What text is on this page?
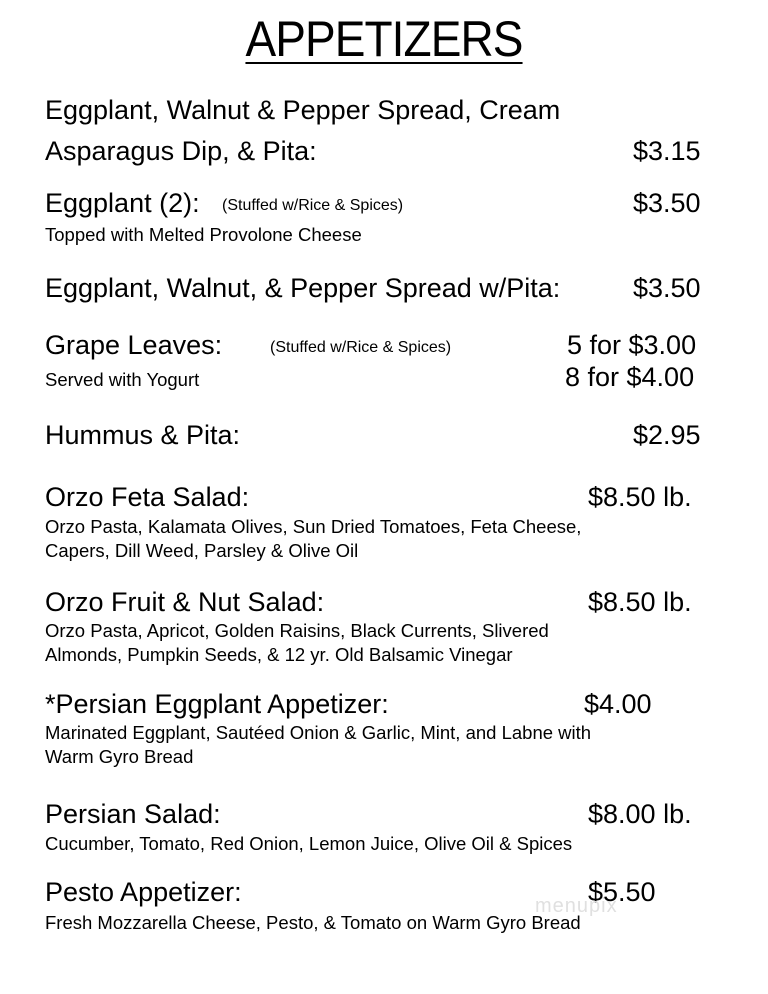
APPETIZERS
Eggplant, Walnut & Pepper Spread, Cream
Asparagus Dip, & Pita:	$3.15
Eggplant (2): (Stuffed w/Rice & Spices)	$3.50
Topped with Melted Provolone Cheese
Eggplant, Walnut, & Pepper Spread w/Pita:	$3.50
Grape Leaves:	(Stuffed w/Rice & Spices)	5 for $3.00
Served with Yogurt	8 for $4.00
Hummus & Pita:	$2.95
Orzo Feta Salad:	$8.50 lb.
Orzo Pasta, Kalamata Olives, Sun Dried Tomatoes, Feta Cheese,
Capers, Dill Weed, Parsley & Olive Oil
Orzo Fruit & Nut Salad:	$8.50 lb.
Orzo Pasta, Apricot, Golden Raisins, Black Currents, Slivered
Almonds, Pumpkin Seeds, & 12 yr. Old Balsamic Vinegar
*Persian Eggplant Appetizer:	$4.00
Marinated Eggplant, Sautéed Onion & Garlic, Mint, and Labne with
Warm Gyro Bread
Persian Salad:	$8.00 lb.
Cucumber, Tomato, Red Onion, Lemon Juice, Olive Oil & Spices
Pesto Appetizer:	$5.50
Fresh Mozzarella Cheese, Pesto, & Tomato on Warm Gyro Bread
menupix
